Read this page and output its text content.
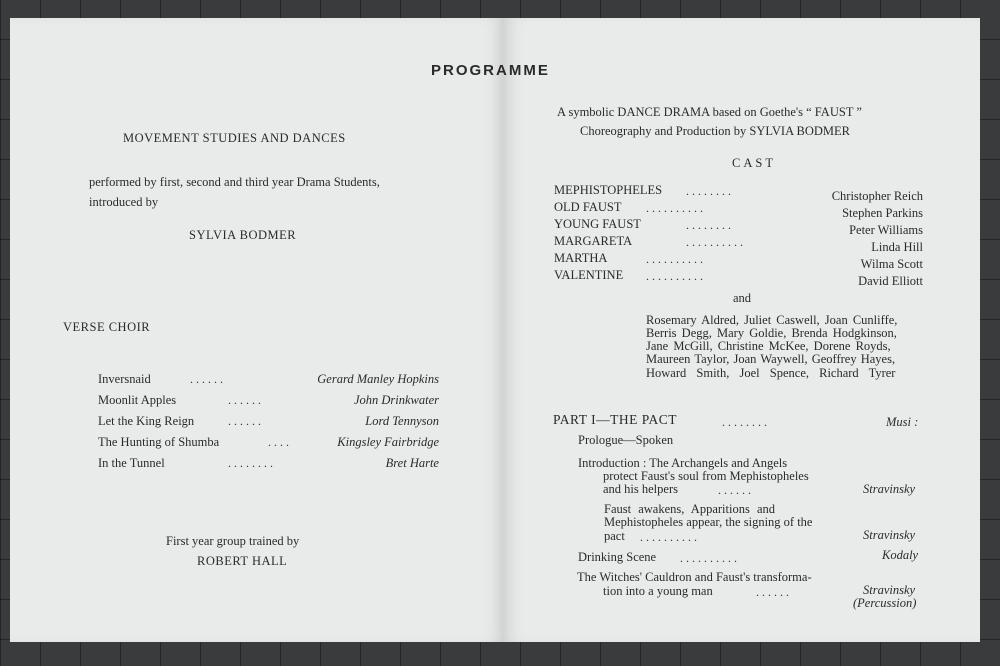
PROGRAMME
MOVEMENT STUDIES AND DANCES
performed by first, second and third year Drama Students,
introduced by
SYLVIA BODMER
VERSE CHOIR
Inversnaid	. . . . . .	Gerard Manley Hopkins
Moonlit Apples	. . . . . .	John Drinkwater
Let the King Reign	. . . . . .	Lord Tennyson
The Hunting of Shumba	. . . .	Kingsley Fairbridge
In the Tunnel	. . . . . . . .	Bret Harte
First year group trained by
ROBERT HALL
A symbolic DANCE DRAMA based on Goethe's “ FAUST ”
Choreography and Production by SYLVIA BODMER
CAST
MEPHISTOPHELES . . . . . . . .	Christopher Reich
OLD FAUST . . . . . . . . . .	Stephen Parkins
YOUNG FAUST	. . . . . . . .	Peter Williams
MARGARETA	. . . . . . . . . .	Linda Hill
MARTHA	. . . . . . . . . .	Wilma Scott
VALENTINE . . . . . . . . . .	David Elliott
and
Rosemary Aldred, Juliet Caswell, Joan Cunliffe,
Berris Degg, Mary Goldie, Brenda Hodgkinson,
Jane McGill, Christine McKee, Dorene Royds,
Maureen Taylor, Joan Waywell, Geoffrey Hayes,
Howard Smith, Joel Spence, Richard Tyrer
PART I—THE PACT	. . . . . . . .	Musi :
Prologue—Spoken
Introduction : The Archangels and Angels
protect Faust's soul from Mephistopheles
and his helpers	. . . . . .	Stravinsky
Faust awakens, Apparitions and
Mephistopheles appear, the signing of the
pact . . . . . . . . . .	Stravinsky
Drinking Scene . . . . . . . . . .	Kodaly
The Witches' Cauldron and Faust's transforma-
tion into a young man	. . . . . .	Stravinsky
(Percussion)
